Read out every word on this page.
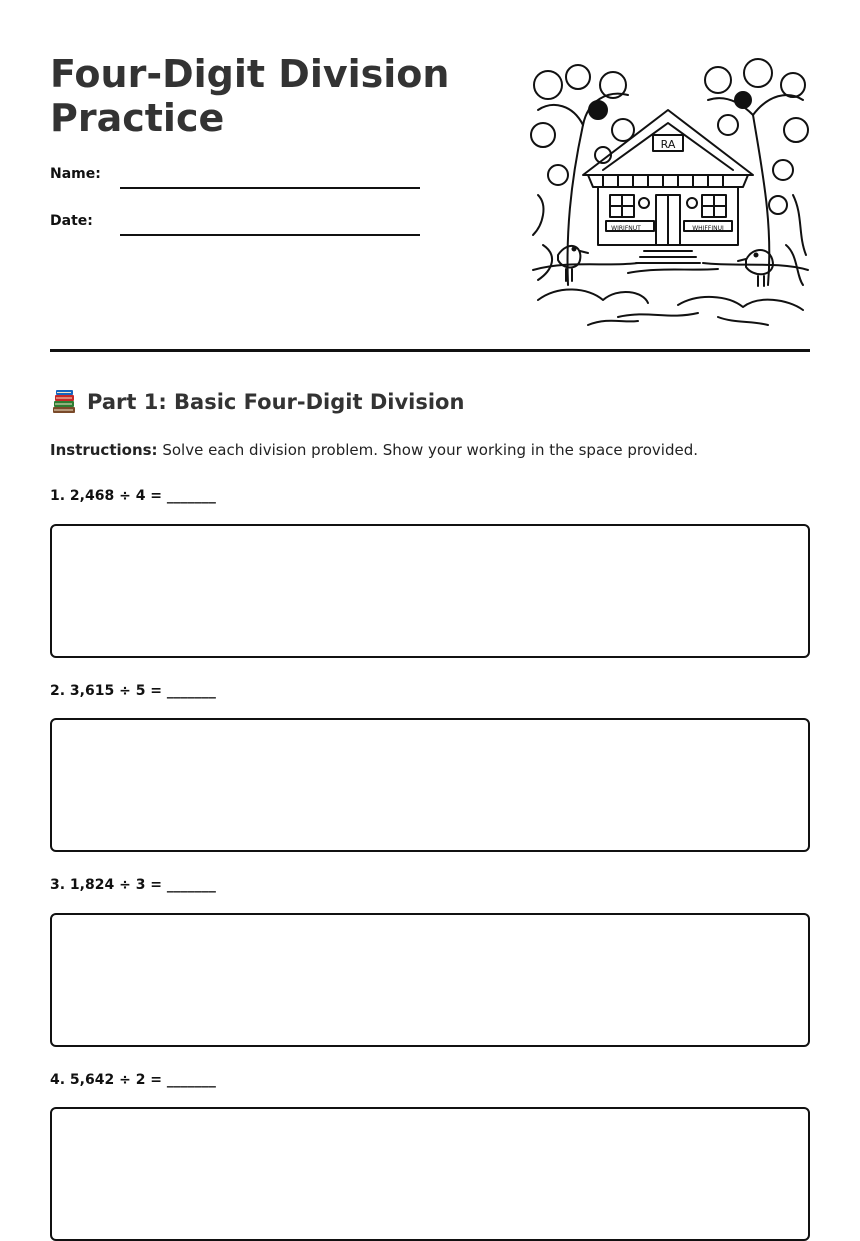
Four-Digit Division Practice
Name:
Date:	WIRIFNUT	WHIFFINUI
RA
Part 1: Basic Four-Digit Division

Instructions: Solve each division problem. Show your working in the space provided.

1. 2,468 ÷ 4 = _______
2. 3,615 ÷ 5 = _______
3. 1,824 ÷ 3 = _______
4. 5,642 ÷ 2 = _______
